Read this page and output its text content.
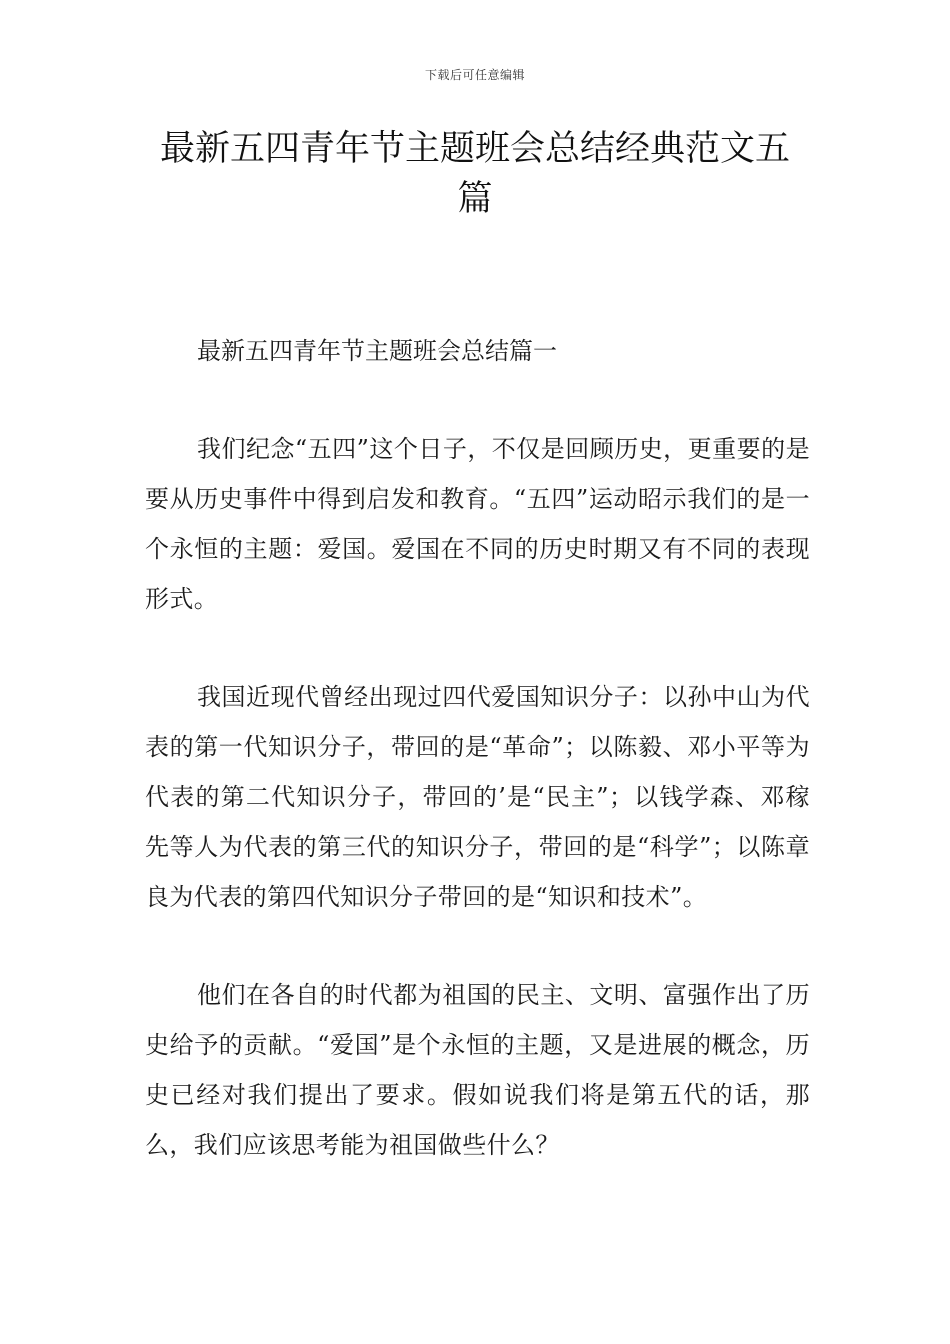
下载后可任意编辑
最新五四青年节主题班会总结经典范文五篇

最新五四青年节主题班会总结篇一

我们纪念“五四”这个日子，不仅是回顾历史，更重要的是要从历史事件中得到启发和教育。“五四”运动昭示我们的是一个永恒的主题：爱国。爱国在不同的历史时期又有不同的表现形式。

我国近现代曾经出现过四代爱国知识分子：以孙中山为代表的第一代知识分子，带回的是“革命”；以陈毅、邓小平等为代表的第二代知识分子，带回的’是“民主”；以钱学森、邓稼先等人为代表的第三代的知识分子，带回的是“科学”；以陈章良为代表的第四代知识分子带回的是“知识和技术”。

他们在各自的时代都为祖国的民主、文明、富强作出了历史给予的贡献。“爱国”是个永恒的主题，又是进展的概念，历史已经对我们提出了要求。假如说我们将是第五代的话，那么，我们应该思考能为祖国做些什么？
